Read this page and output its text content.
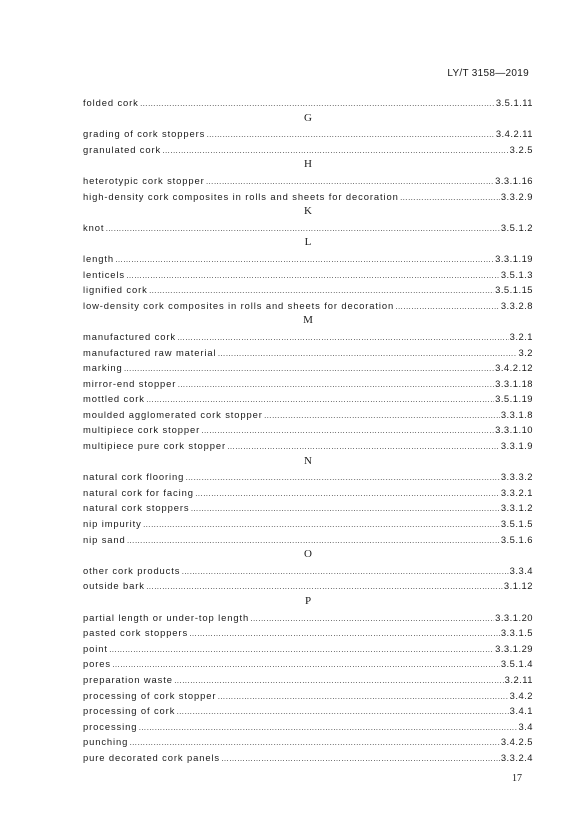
LY/T 3158—2019
folded cork ……………………………………………………………………………………………………………………………………………………………………………………………………………………………………………………………………………………	3.5.1.11
G
grading of cork stoppers ……………………………………………………………………………………………………………………………………………………………………………………………………………………………………………………………………………………	3.4.2.11
granulated cork ……………………………………………………………………………………………………………………………………………………………………………………………………………………………………………………………………………………	3.2.5
H
heterotypic cork stopper ……………………………………………………………………………………………………………………………………………………………………………………………………………………………………………………………………………………	3.3.1.16
high-density cork composites in rolls and sheets for decoration ……………………………………………………………………………………………………………………………………………………………………………………………………………………………………………………………………………………	3.3.2.9
K
knot ……………………………………………………………………………………………………………………………………………………………………………………………………………………………………………………………………………………	3.5.1.2
L
length ……………………………………………………………………………………………………………………………………………………………………………………………………………………………………………………………………………………	3.3.1.19
lenticels ……………………………………………………………………………………………………………………………………………………………………………………………………………………………………………………………………………………	3.5.1.3
lignified cork ……………………………………………………………………………………………………………………………………………………………………………………………………………………………………………………………………………………	3.5.1.15
low-density cork composites in rolls and sheets for decoration ……………………………………………………………………………………………………………………………………………………………………………………………………………………………………………………………………………………	3.3.2.8
M
manufactured cork ……………………………………………………………………………………………………………………………………………………………………………………………………………………………………………………………………………………	3.2.1
manufactured raw material ……………………………………………………………………………………………………………………………………………………………………………………………………………………………………………………………………………………	3.2
marking ……………………………………………………………………………………………………………………………………………………………………………………………………………………………………………………………………………………	3.4.2.12
mirror-end stopper ……………………………………………………………………………………………………………………………………………………………………………………………………………………………………………………………………………………	3.3.1.18
mottled cork ……………………………………………………………………………………………………………………………………………………………………………………………………………………………………………………………………………………	3.5.1.19
moulded agglomerated cork stopper ……………………………………………………………………………………………………………………………………………………………………………………………………………………………………………………………………………………	3.3.1.8
multipiece cork stopper ……………………………………………………………………………………………………………………………………………………………………………………………………………………………………………………………………………………	3.3.1.10
multipiece pure cork stopper ……………………………………………………………………………………………………………………………………………………………………………………………………………………………………………………………………………………	3.3.1.9
N
natural cork flooring ……………………………………………………………………………………………………………………………………………………………………………………………………………………………………………………………………………………	3.3.3.2
natural cork for facing ……………………………………………………………………………………………………………………………………………………………………………………………………………………………………………………………………………………	3.3.2.1
natural cork stoppers ……………………………………………………………………………………………………………………………………………………………………………………………………………………………………………………………………………………	3.3.1.2
nip impurity ……………………………………………………………………………………………………………………………………………………………………………………………………………………………………………………………………………………	3.5.1.5
nip sand ……………………………………………………………………………………………………………………………………………………………………………………………………………………………………………………………………………………	3.5.1.6
O
other cork products ……………………………………………………………………………………………………………………………………………………………………………………………………………………………………………………………………………………	3.3.4
outside bark ……………………………………………………………………………………………………………………………………………………………………………………………………………………………………………………………………………………	3.1.12
P
partial length or under-top length ……………………………………………………………………………………………………………………………………………………………………………………………………………………………………………………………………………………	3.3.1.20
pasted cork stoppers ……………………………………………………………………………………………………………………………………………………………………………………………………………………………………………………………………………………	3.3.1.5
point ……………………………………………………………………………………………………………………………………………………………………………………………………………………………………………………………………………………	3.3.1.29
pores ……………………………………………………………………………………………………………………………………………………………………………………………………………………………………………………………………………………	3.5.1.4
preparation waste ……………………………………………………………………………………………………………………………………………………………………………………………………………………………………………………………………………………	3.2.11
processing of cork stopper ……………………………………………………………………………………………………………………………………………………………………………………………………………………………………………………………………………………	3.4.2
processing of cork ……………………………………………………………………………………………………………………………………………………………………………………………………………………………………………………………………………………	3.4.1
processing ……………………………………………………………………………………………………………………………………………………………………………………………………………………………………………………………………………………	3.4
punching ……………………………………………………………………………………………………………………………………………………………………………………………………………………………………………………………………………………	3.4.2.5
pure decorated cork panels ……………………………………………………………………………………………………………………………………………………………………………………………………………………………………………………………………………………	3.3.2.4
17
